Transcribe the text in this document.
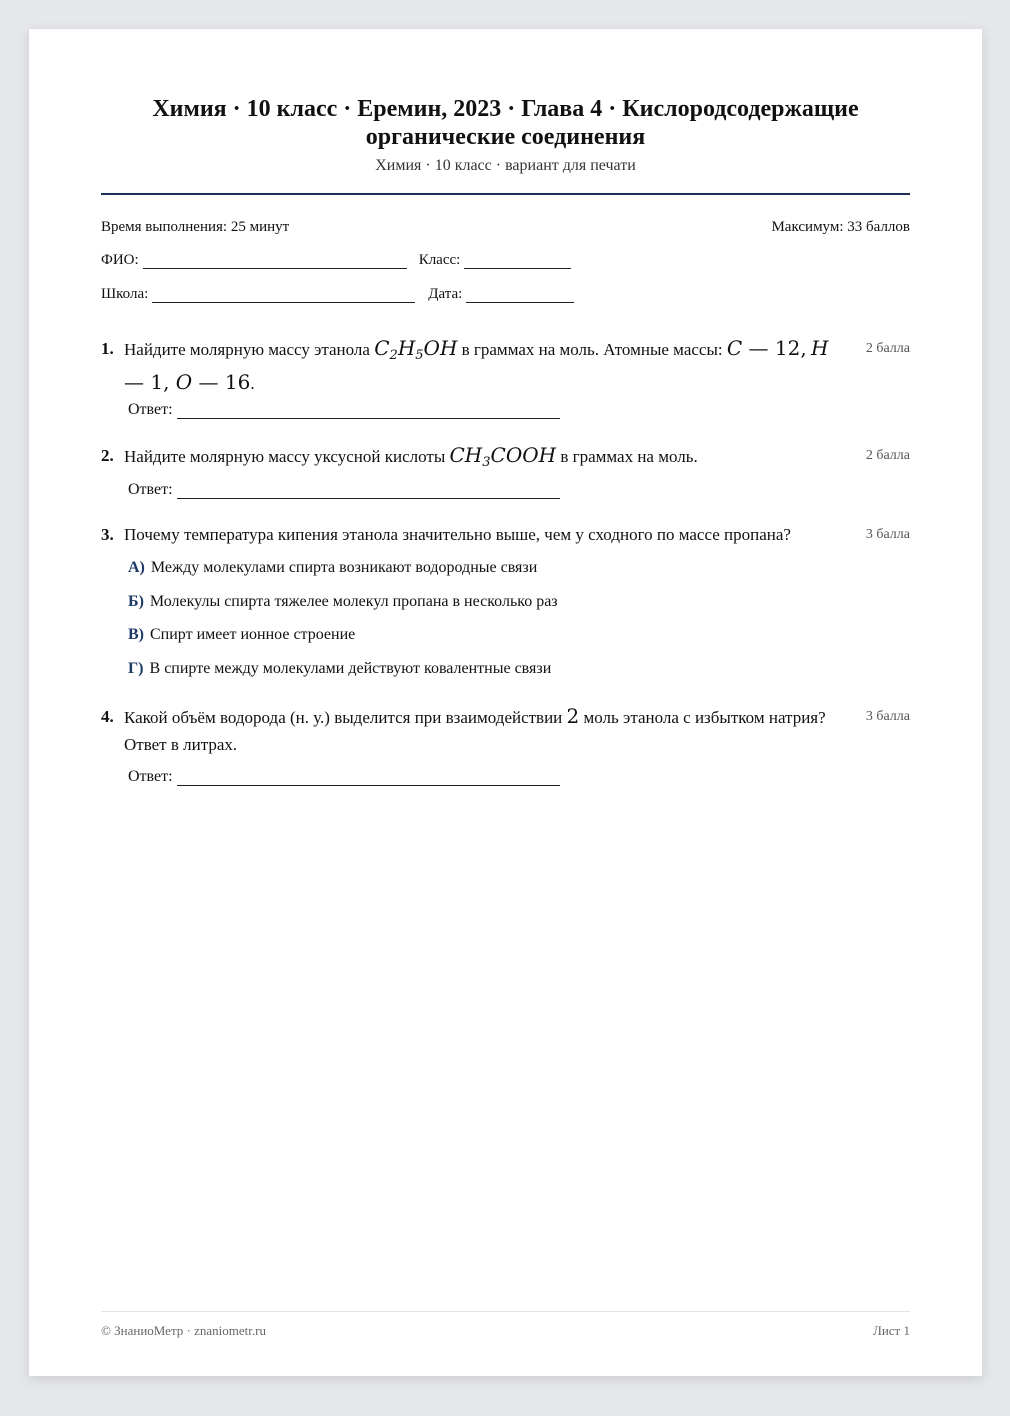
Химия · 10 класс · Еремин, 2023 · Глава 4 · Кислородсодержащие органические соединения
Химия · 10 класс · вариант для печати
Время выполнения: 25 минут	Максимум: 33 баллов
ФИО:	Класс:
Школа:	Дата:
1. Найдите молярную массу этанола $C_2H_5OH$ в граммах на моль. Атомные массы: C — 12, H — 1, O — 16.
2 балла
Ответ:
2. Найдите молярную массу уксусной кислоты $CH_3COOH$ в граммах на моль.	2 балла
Ответ:
3. Почему температура кипения этанола значительно выше, чем у сходного по массе пропана?	3 балла
А) Между молекулами спирта возникают водородные связи
Б) Молекулы спирта тяжелее молекул пропана в несколько раз
В) Спирт имеет ионное строение
Г) В спирте между молекулами действуют ковалентные связи
4. Какой объём водорода (н. у.) выделится при взаимодействии 2 моль этанола с избытком натрия? Ответ в литрах.
3 балла
Ответ:
© ЗнаниоМетр · znaniometr.ru	Лист 1
